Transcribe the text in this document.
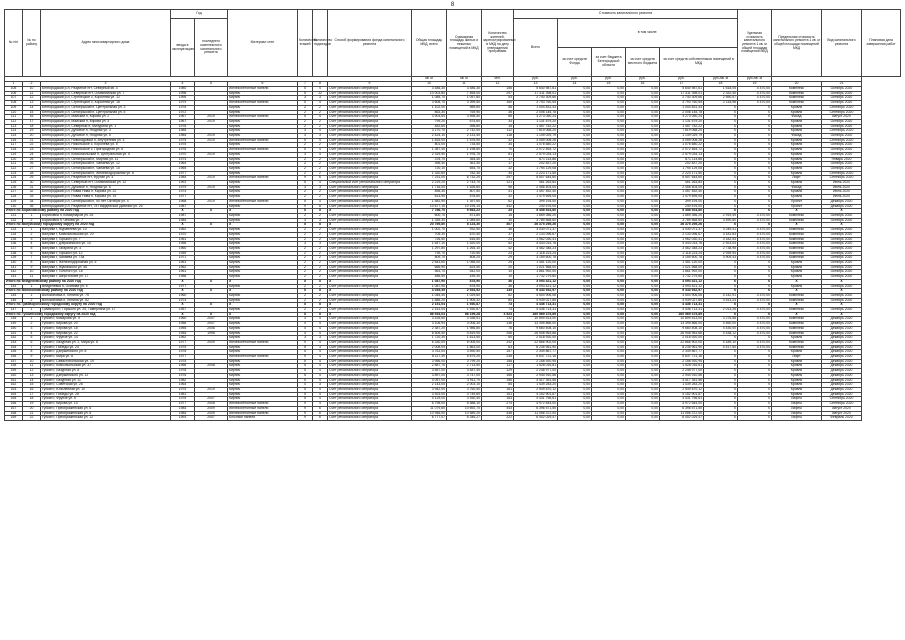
8
№ п/п	№ по району	Адрес многоквартирного дома	Год		Материал стен	Количество этажей	Количество подъездов	Способ формирования фонда капитального ремонта	Общая площадь МКД, всего	Суммарная площадь жилых и нежилых помещений в МКД	Количество жителей, зарегистрированных в МКД на дату утверждения программы	Стоимость капитального ремонта						Удельная стоимость капитального ремонта 1 кв. м общей площади помещений МКД	Предельная стоимость капитального ремонта 1 кв. м общей площади помещений МКД	Вид капитального ремонта	Плановая дата завершения работ
			ввода в эксплуатацию	последнего комплексного капитального ремонта								Всего	в том числе:								
													за счет средств Фонда	за счет бюджета Белгородской области	за счет средств местного бюджета	за счет средств собственников помещений в МКД					
									кв. м	кв. м	чел.	руб.	руб.	руб.	руб.	руб.	руб./кв. м	руб./кв. м			
1	2	3	4	5	6	7	8	9	10	11	12	13	14	15	16	17	18	19	20	21	
105	10	Белгородский р-н, Разумное пгт, Северный кв. 4	1980		Железобетонные панели	5	4	Счет регионального оператора	3 486,30	3 486,30	156	5 640 987,61	0,00	0,00	0,00	5 640 987,61	1 618,05	4 470,00	Комплекс	Октябрь 2020	
106	11	Белгородский р-н, Северный пгт, Олимпийская ул. 7	1998		Кирпич	5	12	Счет регионального оператора	10 003,80	7 465,00	297	17 411 398,01	0,00	0,00	0,00	17 411 398,01	2 332,40	4 470,00	Комплекс	Октябрь 2020	
107	12	Белгородский р-н, Стрелецкое с, Королева ул. 12	1995		Кирпич	3	3	Счет регионального оператора	1 085,70	1 057,80	53	2 740 309,66	0,00	0,00	0,00	2 740 309,66	2 590,57	4 470,00	Комплекс	Октябрь 2020	
108	13	Белгородский р-н, Стрелецкое с, Королева ул. 16	1979		Железобетонные панели	5	4	Счет регионального оператора	3 608,70	3 399,50	160	3 793 760,55	0,00	0,00	0,00	3 793 760,55	1 115,98	4 470,00	Комплекс	Октябрь 2020	
109	14	Белгородский р-н, Октябрьский п, Центральная ул. 3	1978		Кирпич	2	2	Счет регионального оператора	1 102,00	989,60	58	1 004 831,43	0,00	0,00	0,00	1 004 831,43	X	X	Кровля	Сентябрь 2020	
110	15	Белгородский р-н, Октябрьский п, Центральная ул. 5	1972		Кирпич	2	2	Счет регионального оператора	863,30	769,90	36	2 006 145,78	0,00	0,00	0,00	2 006 145,78	X	X	Кровля	Сентябрь 2020	
111	16	Белгородский р-н, Майский п, Кирова ул. 2	1967	2019	Железобетонные панели	5	4	Счет регионального оператора	3 903,60	3 598,50	66	3 273 050,24	0,00	0,00	0,00	3 273 050,24	X	X	Фасад	Август 2020	
112	17	Белгородский р-н, Майский п, Кирова ул. 4	1967	2019	Кирпич	2	2	Счет регионального оператора	799,20	675,60	34	1 131 679,20	0,00	0,00	0,00	1 131 679,20	X	X	Кровля	Октябрь 2020	
113	18	Белгородский р-н, Северный п, Мичурина ул. 1	1976		Кирпич	2	2	Счет регионального оператора	452,60	398,80	15	1 457 752,22	0,00	0,00	0,00	1 457 752,22	X	X	Кровля	Октябрь 2020	
114	19	Белгородский р-н, Дубовое п, Ягодная ул. 3	1985		Кирпич	3	4	Счет регионального оператора	3 170,70	2 742,00	112	7 819 068,20	0,00	0,00	0,00	7 819 068,20	X	X	Кровля	Сентябрь 2020	
115	20	Белгородский р-н, Дубовое п, Ягодная ул. 5	1984	2019	Кирпич	3	3	Счет регионального оператора	2 424,10	2 131,40	118	1 149 029,79	0,00	0,00	0,00	1 149 029,79	X	X	Фасад	Октябрь 2020	
116	21	Белгородский р-н, Новосадовый п, Внутренняя ул. 4	1975	2019	Железобетонные панели	5	4	Счет регионального оператора	1 815,00	1 576,90	42	3 059 008,26	0,00	0,00	0,00	3 059 008,26	X	X	Кровля	Сентябрь 2020	
117	22	Белгородский р-н, Никольское с, Королева ул. 5	1975		Кирпич	2	2	Счет регионального оператора	801,00	734,50	34	1 076 680,22	0,00	0,00	0,00	1 076 680,22	X	X	Кровля	Октябрь 2020	
118	23	Белгородский р-н, Никольское с, Пригородная ул. 6	1976		Железобетонные панели	5	4	Счет регионального оператора	1 387,40	1 198,80	70	2 072 464,72	0,00	0,00	0,00	2 072 464,72	X	X	Кровля	Октябрь 2020	
119	24	Белгородский р-н, Комсомольский п, Центральная ул. 5	1970	2019	Кирпич	3	4	Счет регионального оператора	2 319,90	1 976,70	81	2 579 034,13	0,00	0,00	0,00	2 579 034,13	X	X	Кровля	Октябрь 2020	
120	25	Белгородский р-н, Октябрьский п, Мирная ул. 11	1974		Кирпич	2	2	Счет регионального оператора	376,70	354,40	17	671 114,86	0,00	0,00	0,00	671 114,86	X	X	Кровля	Январь 2020	
121	26	Белгородский р-н, Октябрьский п, Чапаева ул. 12	1964		Кирпич	2	2	Счет регионального оператора	396,40	361,40	17	202 837,20	0,00	0,00	0,00	202 837,20	X	X	Кровля	Октябрь 2020	
122	27	Белгородский р-н, Октябрьский п, Чапаева ул. 15	1965		Кирпич	2	2	Счет регионального оператора	720,10	654,70	32	1 794 129,08	0,00	0,00	0,00	1 794 129,08	X	X	Кровля	Октябрь 2020	
123	28	Белгородский р-н, Октябрьский п, Железнодорожная ул. 8	1977		Кирпич	2	2	Счет регионального оператора	1 320,60	782,30	34	2 223 171,50	0,00	0,00	0,00	2 223 171,50	X	X	Кровля	Сентябрь 2020	
124	29	Белгородский р-н, Разумное пгт, Фрунзе ул. 4	1984	2019	Железобетонные панели	9	6	Счет регионального оператора	7 231,00	6 732,20	297	5 507 644,60	0,00	0,00	0,00	5 507 644,60	X	X	Лифт	Сентябрь 2020	
125	30	Белгородский р-н, Северный пгт, Олимпийская ул. 12	1991		Кирпич	5	4	Специальный счет регионального оператора	2 219,20	2 743,70	121	461 263,84	0,00	0,00	0,00	461 263,84	X	X	Кровля	Июнь 2020	
126	31	Белгородский р-н, Дубовое п, Ягодная ул. 6	1979	2019	Кирпич	3	3	Счет регионального оператора	1 716,00	1 526,60	96	2 456 404,05	0,00	0,00	0,00	2 456 404,05	X	X	Фасад	Июнь 2020	
127	32	Белгородский р-н, Новая Нива п, Кирова ул. 22	1974		Кирпич	2	2	Счет регионального оператора	898,30	807,50	41	1 457 452,40	0,00	0,00	0,00	1 457 452,40	X	X	Кровля	Июнь 2020	
128	33	Белгородский р-н, Новая Нива п, Кирова ул. 19	1977		Кирпич	2	2	Счет регионального оператора	613,90	578,60	32	1 479 695,05	0,00	0,00	0,00	1 479 695,05	X	X	Кровля	Июнь 2020	
129	34	Белгородский р-н, Октябрьский п, 50 лет Октября ул. 4	1968	2019	Железобетонные панели	5	4	Счет регионального оператора	1 582,90	1 397,60	62	399 194,00	0,00	0,00	0,00	399 194,00	X	X	Проект	Декабрь 2020	
130	35	Белгородский р-н, Разумное пгт, 78 Гвардейской Дивизии ул. 25	1987		Кирпич	9	8	Счет регионального оператора	10 677,10	10 194,14	442	240 576,00	0,00	0,00	0,00	240 576,00	X	X	Проект	Декабрь 2020	
Итого по Борисовскому району на 2020 год			X	X	X	X	X	X	7 786,70	5 663,22	25	5 458 924,80	0,00	0,00	0,00	5 458 924,80	X	X	X	X	
131	1	Борисовка п, Коммунаров ул. 26	1987		Кирпич	2	2	Счет регионального оператора	600,70	571,80	15	1 669 356,20	0,00	0,00	0,00	1 669 356,20	2 919,49	4 470,00	Комплекс	Октябрь 2020	
132	2	Борисовка п, Чехова ул. 7	1984		Кирпич	3	3	Счет регионального оператора	1 339,30	1 085,60	10	3 789 568,60	0,00	0,00	0,00	3 789 568,60	3 490,80	4 470,00	Комплекс	Октябрь 2020	
Итого по Валуйскому городскому округу на 2020 год			X	X	X	X	X	X	20 769,80	8 124,30	307	26 375 295,26	0,00	0,00	0,00	26 375 295,26	X	X	X	X	
133	1	Валуйки г, Журавлева ул. 10	1962		Кирпич	2	2	Счет регионального оператора	1 002,70	932,50	36	3 030 071,37	0,00	0,00	0,00	3 030 071,37	3 249,41	4 470,00	Комплекс	Октябрь 2020	
134	2	Валуйки г, Комсомольская ул. 20	1970		Кирпич	2	2	Счет регионального оператора	705,30	670,40	37	2 133 096,67	0,00	0,00	0,00	2 133 096,67	3 181,83	4 470,00	Комплекс	Октябрь 2020	
135	3	Валуйки г, Горького ул. 7	1961		Кирпич	2	2	Счет регионального оператора	726,50	616,50	23	1 962 030,41	0,00	0,00	0,00	1 962 030,41	3 182,53	4 470,00	Комплекс	Октябрь 2020	
136	4	Валуйки г, Дзержинского ул. 10	1958		Кирпич	3	3	Счет регионального оператора	1 647,10	1 520,00	52	4 443 014,78	0,00	0,00	0,00	4 443 014,78	2 923,04	4 470,00	Комплекс	Октябрь 2020	
137	5	Валуйки г, Гагарина ул. 4	1960		Кирпич	2	2	Счет регионального оператора	1 297,80	1 264,10	42	3 462 348,23	0,00	0,00	0,00	3 462 348,23	2 738,98	4 470,00	Комплекс	Октябрь 2020	
138	6	Валуйки г, Горького ул. 12	1959		Кирпич	2	2	Счет регионального оператора	739,70	720,50	23	2 118 223,24	0,00	0,00	0,00	2 118 223,24	2 939,94	4 470,00	Комплекс	Октябрь 2020	
139	7	Валуйки г, Чапаева ул. 73а	1971		Кирпич	2	2	Счет регионального оператора	809,70	808,20	29	3 159 600,78	0,00	0,00	0,00	3 159 600,78	3 909,43	4 470,00	Комплекс	Октябрь 2020	
140	8	Валуйки г, Железнодорожная ул. 5	1961		Кирпич	2	2	Счет регионального оператора	2 843,60	1 056,00	25	1 451 120,00	0,00	0,00	0,00	1 451 120,00	X	X	Кровля	Октябрь 2020	
141	9	Валуйки г, Жуковского ул. 46	1962		Кирпич	2	2	Счет регионального оператора	666,90	624,50	20	1 021 568,00	0,00	0,00	0,00	1 021 568,00	X	X	Кровля	Октябрь 2020	
142	10	Валуйки г, Толстого ул. 16	1961		Кирпич	2	2	Счет регионального оператора	563,70	542,00	10	1 861 992,00	0,00	0,00	0,00	1 861 992,00	X	X	Кровля	Октябрь 2020	
143	11	Валуйки г, Шерстобоев ул. 17	1958		Кирпич	2	2	Счет регионального оператора	486,50	439,30	10	1 732 279,80	0,00	0,00	0,00	1 732 279,80	X	X	Кровля	Октябрь 2020	
Итого по Вейделевскому району на 2020 год			X	X	X	X	X	X	1 087,90	878,90	36	3 093 421,12	0,00	0,00	0,00	3 093 421,12	X	X	X	X	
144	1	Вейделевка п, Осипова ул. 5	1977		Кирпич	2	2	Счет регионального оператора	1 087,90	878,90	36	3 093 421,12	0,00	0,00	0,00	3 093 421,12	X	X	Кровля	Октябрь 2020	
Итого по Волоконовскому району на 2020 год			X	X	X	X	X	X	4 045,45	2 934,92	135	9 443 932,97	0,00	0,00	0,00	9 443 932,97	X	X	X	X	
145	1	Волоконовка п, Ленина ул. 75	1960		Кирпич	2	2	Счет регионального оператора	1 045,40	1 029,60	62	4 504 906,06	0,00	0,00	0,00	4 504 906,06	4 142,91	4 470,00	Комплекс	Октябрь 2020	
146	2	Волоконовка п, Ленина ул. 62	1974		Кирпич	2	2	Счет регионального оператора	1 886,20	1 905,32	80	4 939 027,85	0,00	0,00	0,00	4 939 027,85	3 513,24	4 470,00	Комплекс	Октябрь 2020	
Итого по Грайворонскому городскому округу на 2020 год			X	X	X	X	X	X	2 151,04	1 930,87	73	4 436 713,31	0,00	0,00	0,00	4 436 713,31	X	X	X	X	
147	1	Грайворон г, Горького ул. 25, Тамерлана ул. 17	1957		Кирпич	2	2	Счет регионального оператора	2 151,04	1 930,87	73	4 436 713,31	0,00	0,00	0,00	4 436 713,31	2 013,26	4 470,00	Комплекс	Октябрь 2020	
Итого по Губкинскому городскому округу на 2020 год			X	X	X	X	X	X	86 934,03	86 199,28	3 523	160 569 375,89	0,00	0,00	0,00	160 569 375,89	X	X	X	X	
148	1	Губкин г, Комарова ул. 5	1960	2007	Кирпич	3	4	Счет регионального оператора	3 426,60	3 336,51	132	10 899 513,00	0,00	0,00	0,00	10 899 513,00	3 276,58	4 470,00	Комплекс	Декабрь 2020	
149	2	Губкин г, Кирова ул. 20	1956	2007	Кирпич	4	4	Счет регионального оператора	3 106,94	3 006,30	136	13 395 866,00	0,00	0,00	0,00	13 395 866,00	4 460,00	4 470,00	Комплекс	Декабрь 2020	
150	3	Губкин г, Кирова ул. 18	1955	2006	Кирпич	4	4	Счет регионального оператора	2 387,20	1 986,80	76	9 660 408,10	0,00	0,00	0,00	9 660 408,10	4 430,00	4 470,00	Комплекс	Декабрь 2020	
151	4	Губкин г, Кирова ул. 22	1954	1996	Кирпич	4	4	Счет регионального оператора	6 505,40	4 819,90	256	26 908 953,66	0,00	0,00	0,00	26 908 953,66	4 438,12	4 470,00	Комплекс	Декабрь 2020	
152	5	Губкин г, Фрунзе ул. 14	1962		Кирпич	3	3	Счет регионального оператора	1 720,30	1 613,50	60	2 018 920,00	0,00	0,00	0,00	2 018 920,00	X	X	Кровля	Декабрь 2020	
153	6	Губкин г, Лазурная ул. 2, Мира ул. 6	1977	2009	Железобетонные панели	9	4	Счет регионального оператора	6 330,09	6 005,00	242	22 866 902,00	0,00	0,00	0,00	22 866 902,00	4 189,10	4 470,00	Комплекс	Декабрь 2020	
154	7	Губкин г, Победы ул. 24	1975		Кирпич	5	3	Счет регионального оператора	2 008,09	1 863,00	63	8 235 961,90	0,00	0,00	0,00	8 235 961,90	4 417,50	4 470,00	Комплекс	Декабрь 2020	
155	8	Губкин г, Дзержинского ул. 8	1976		Кирпич	5	4	Счет регионального оператора	3 761,00	3 590,50	157	2 349 867,77	0,00	0,00	0,00	2 349 867,77	X	X	Кровля	Декабрь 2020	
156	9	Губкин г, Мира ул. 8	1977		Железобетонные панели	9	4	Счет регионального оператора	6 117,40	5 879,20	236	5 637 721,16	0,00	0,00	0,00	5 637 721,16	X	X	Лифт	Декабрь 2020	
157	10	Губкин г, Севастопольская ул. 19	1975		Кирпич	5	4	Счет регионального оператора	3 956,00	3 799,20	158	2 158 920,95	0,00	0,00	0,00	2 158 920,95	X	X	Кровля	Декабрь 2020	
158	11	Губкин г, Комсомольская ул. 37	1966	2008	Кирпич	5	4	Счет регионального оператора	2 887,70	2 713,50	117	1 528 016,81	0,00	0,00	0,00	1 528 016,81	X	X	Кровля	Декабрь 2020	
159	12	Губкин г, Лазурная ул. 8	1978		Кирпич	5	4	Счет регионального оператора	3 657,00	3 487,40	129	2 248 977,00	0,00	0,00	0,00	2 248 977,00	X	X	Кровля	Декабрь 2020	
160	13	Губкин г, Дзержинского ул. 12	1976		Кирпич	5	4	Счет регионального оператора	3 897,00	3 747,00	166	2 944 910,56	0,00	0,00	0,00	2 944 910,56	X	X	Кровля	Декабрь 2020	
161	14	Губкин г, Лазурная ул. 11	1982		Кирпич	5	4	Счет регионального оператора	4 057,00	3 911,70	156	4 417 351,56	0,00	0,00	0,00	4 417 351,56	X	X	Кровля	Декабрь 2020	
162	15	Губкин г, Советская ул. 26	1964		Кирпич	4	3	Счет регионального оператора	2 143,00	2 003,10	84	1 439 283,20	0,00	0,00	0,00	1 439 283,20	X	X	Кровля	Декабрь 2020	
163	16	Губкин г, Юбилейная ул. 10	1975	2019	Кирпич	5	4	Счет регионального оператора	3 942,00	3 760,50	161	2 549 870,12	0,00	0,00	0,00	2 549 870,12	X	X	Кровля	Декабрь 2020	
164	17	Губкин г, Победы ул. 28	1981		Кирпич	5	4	Счет регионального оператора	3 923,00	3 749,60	151	4 152 901,87	0,00	0,00	0,00	4 152 901,87	X	X	Кровля	Декабрь 2020	
165	18	Губкин г, Фрунзе ул. 6	1976	2007	Кирпич	5	4	Счет регионального оператора	4 129,00	3 930,40	163	4 431 756,61	0,00	0,00	0,00	4 431 756,61	X	X	Лифты	Сентябрь 2020	
166	19	Губкин г, Кирова ул. 14	1977	2008	Железобетонные панели	9	4	Счет регионального оператора	6 798,00	6 588,10	274	4 972 644,00	0,00	0,00	0,00	4 972 644,00	X	X	Лифты	Сентябрь 2020	
167	20	Губкин г, Преображенская ул. 6	1984	2009	Железобетонные панели	9	6	Счет регионального оператора	11 079,60	10 692,70	443	6 396 571,50	0,00	0,00	0,00	6 396 571,50	X	X	Лифты	Август 2020	
168	21	Губкин г, Преображенская ул. 8	1984	2009	Железобетонные панели	9	6	Счет регионального оператора	10 946,00	10 589,20	438	11 056 372,00	0,00	0,00	0,00	11 056 372,00	X	X	Лифты	Август 2020	
169	22	Губкин г, Преображенская ул. 12	1993	2007	Блочные панели	9	6	Счет регионального оператора	6 777,07	6 346,27	222	6 402 029,47	0,00	0,00	0,00	6 402 029,47	X	X	Лифты	Февраль 2020	
